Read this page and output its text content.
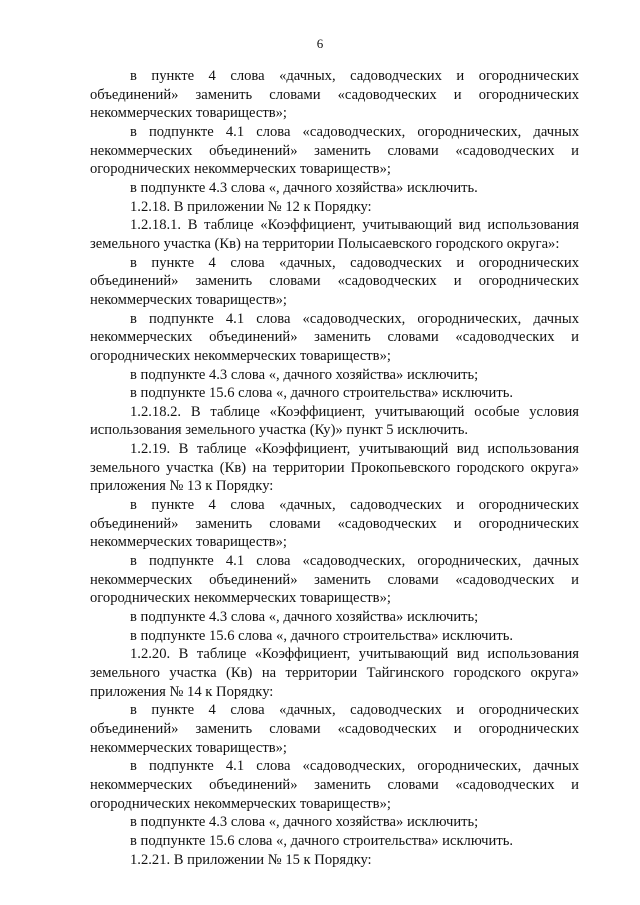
6

в пункте 4 слова «дачных, садоводческих и огороднических объединений» заменить словами «садоводческих и огороднических некоммерческих товариществ»;

в подпункте 4.1 слова «садоводческих, огороднических, дачных некоммерческих объединений» заменить словами «садоводческих и огороднических некоммерческих товариществ»;

в подпункте 4.3 слова «, дачного хозяйства» исключить.

1.2.18. В приложении № 12 к Порядку:

1.2.18.1. В таблице «Коэффициент, учитывающий вид использования земельного участка (Кв) на территории Полысаевского городского округа»:

в пункте 4 слова «дачных, садоводческих и огороднических объединений» заменить словами «садоводческих и огороднических некоммерческих товариществ»;

в подпункте 4.1 слова «садоводческих, огороднических, дачных некоммерческих объединений» заменить словами «садоводческих и огороднических некоммерческих товариществ»;

в подпункте 4.3 слова «, дачного хозяйства» исключить;

в подпункте 15.6 слова «, дачного строительства» исключить.

1.2.18.2. В таблице «Коэффициент, учитывающий особые условия использования земельного участка (Ку)» пункт 5 исключить.

1.2.19. В таблице «Коэффициент, учитывающий вид использования земельного участка (Кв) на территории Прокопьевского городского округа» приложения № 13 к Порядку:

в пункте 4 слова «дачных, садоводческих и огороднических объединений» заменить словами «садоводческих и огороднических некоммерческих товариществ»;

в подпункте 4.1 слова «садоводческих, огороднических, дачных некоммерческих объединений» заменить словами «садоводческих и огороднических некоммерческих товариществ»;

в подпункте 4.3 слова «, дачного хозяйства» исключить;

в подпункте 15.6 слова «, дачного строительства» исключить.

1.2.20. В таблице «Коэффициент, учитывающий вид использования земельного участка (Кв) на территории Тайгинского городского округа» приложения № 14 к Порядку:

в пункте 4 слова «дачных, садоводческих и огороднических объединений» заменить словами «садоводческих и огороднических некоммерческих товариществ»;

в подпункте 4.1 слова «садоводческих, огороднических, дачных некоммерческих объединений» заменить словами «садоводческих и огороднических некоммерческих товариществ»;

в подпункте 4.3 слова «, дачного хозяйства» исключить;

в подпункте 15.6 слова «, дачного строительства» исключить.

1.2.21. В приложении № 15 к Порядку:
